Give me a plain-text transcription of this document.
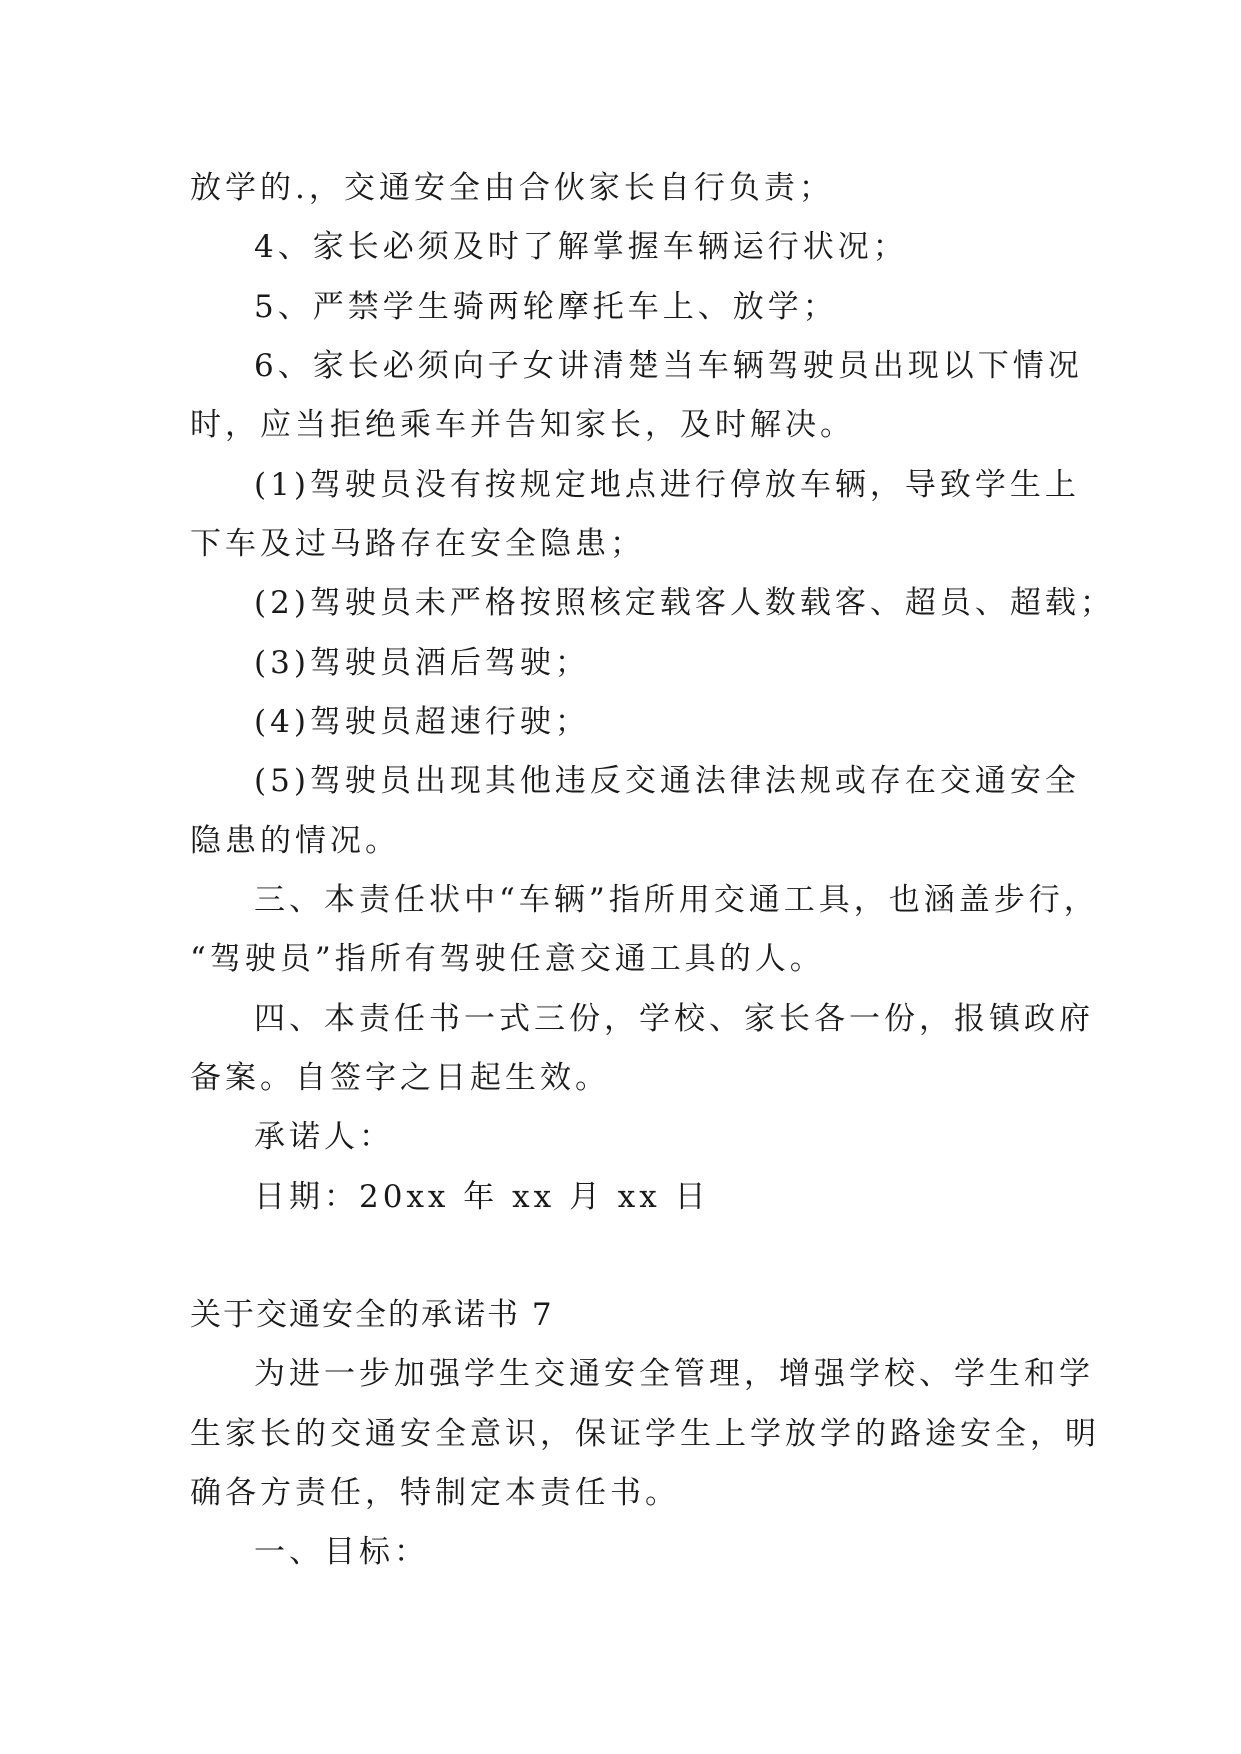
放学的.，交通安全由合伙家长自行负责；

4、家长必须及时了解掌握车辆运行状况；

5、严禁学生骑两轮摩托车上、放学；

6、家长必须向子女讲清楚当车辆驾驶员出现以下情况

时，应当拒绝乘车并告知家长，及时解决。

(1)驾驶员没有按规定地点进行停放车辆，导致学生上

下车及过马路存在安全隐患；

(2)驾驶员未严格按照核定载客人数载客、超员、超载；

(3)驾驶员酒后驾驶；

(4)驾驶员超速行驶；

(5)驾驶员出现其他违反交通法律法规或存在交通安全

隐患的情况。

三、本责任状中“车辆”指所用交通工具，也涵盖步行，

“驾驶员”指所有驾驶任意交通工具的人。

四、本责任书一式三份，学校、家长各一份，报镇政府

备案。自签字之日起生效。

承诺人：

日期：20xx 年 xx 月 xx 日

关于交通安全的承诺书 7

为进一步加强学生交通安全管理，增强学校、学生和学

生家长的交通安全意识，保证学生上学放学的路途安全，明

确各方责任，特制定本责任书。

一、目标：
